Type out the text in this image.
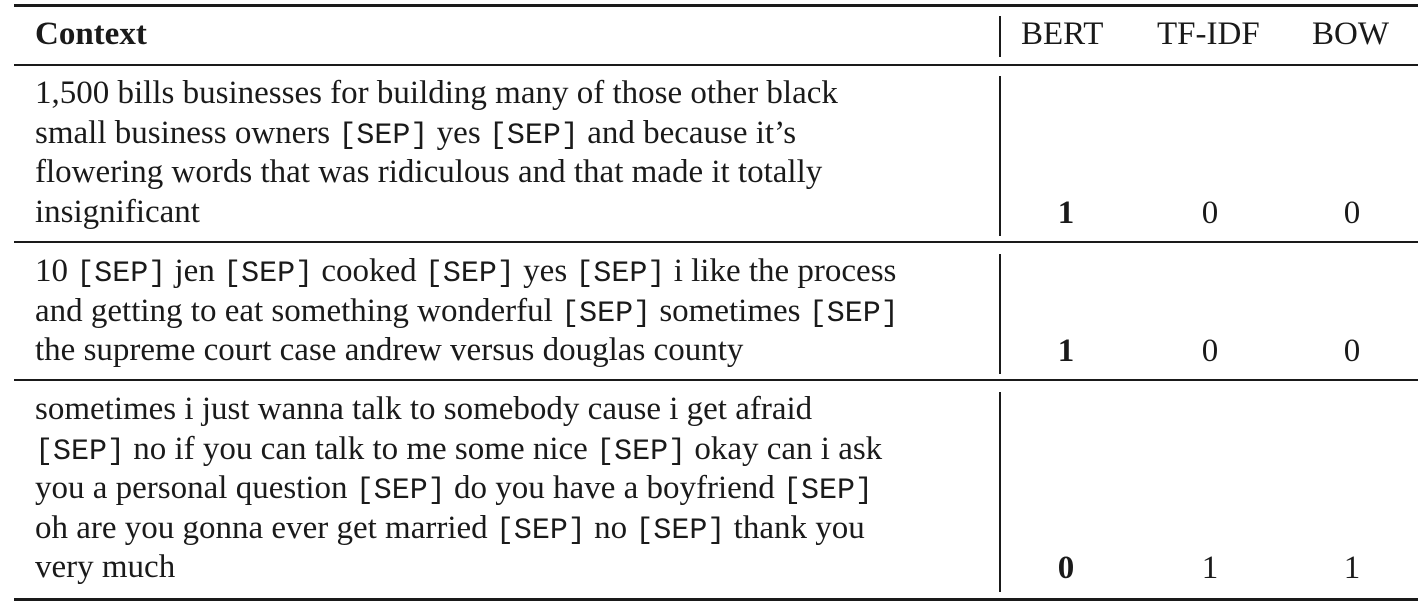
Context	BERT TF-IDF BOW
1,500 bills businesses for building many of those other black
small business owners [SEP] yes [SEP] and because it’s
flowering words that was ridiculous and that made it totally
insignificant	1	0	0
10 [SEP] jen [SEP] cooked [SEP] yes [SEP] i like the process
and getting to eat something wonderful [SEP] sometimes [SEP]
the supreme court case andrew versus douglas county	1	0	0
sometimes i just wanna talk to somebody cause i get afraid
[SEP] no if you can talk to me some nice [SEP] okay can i ask
you a personal question [SEP] do you have a boyfriend [SEP]
oh are you gonna ever get married [SEP] no [SEP] thank you
very much	0	1	1
